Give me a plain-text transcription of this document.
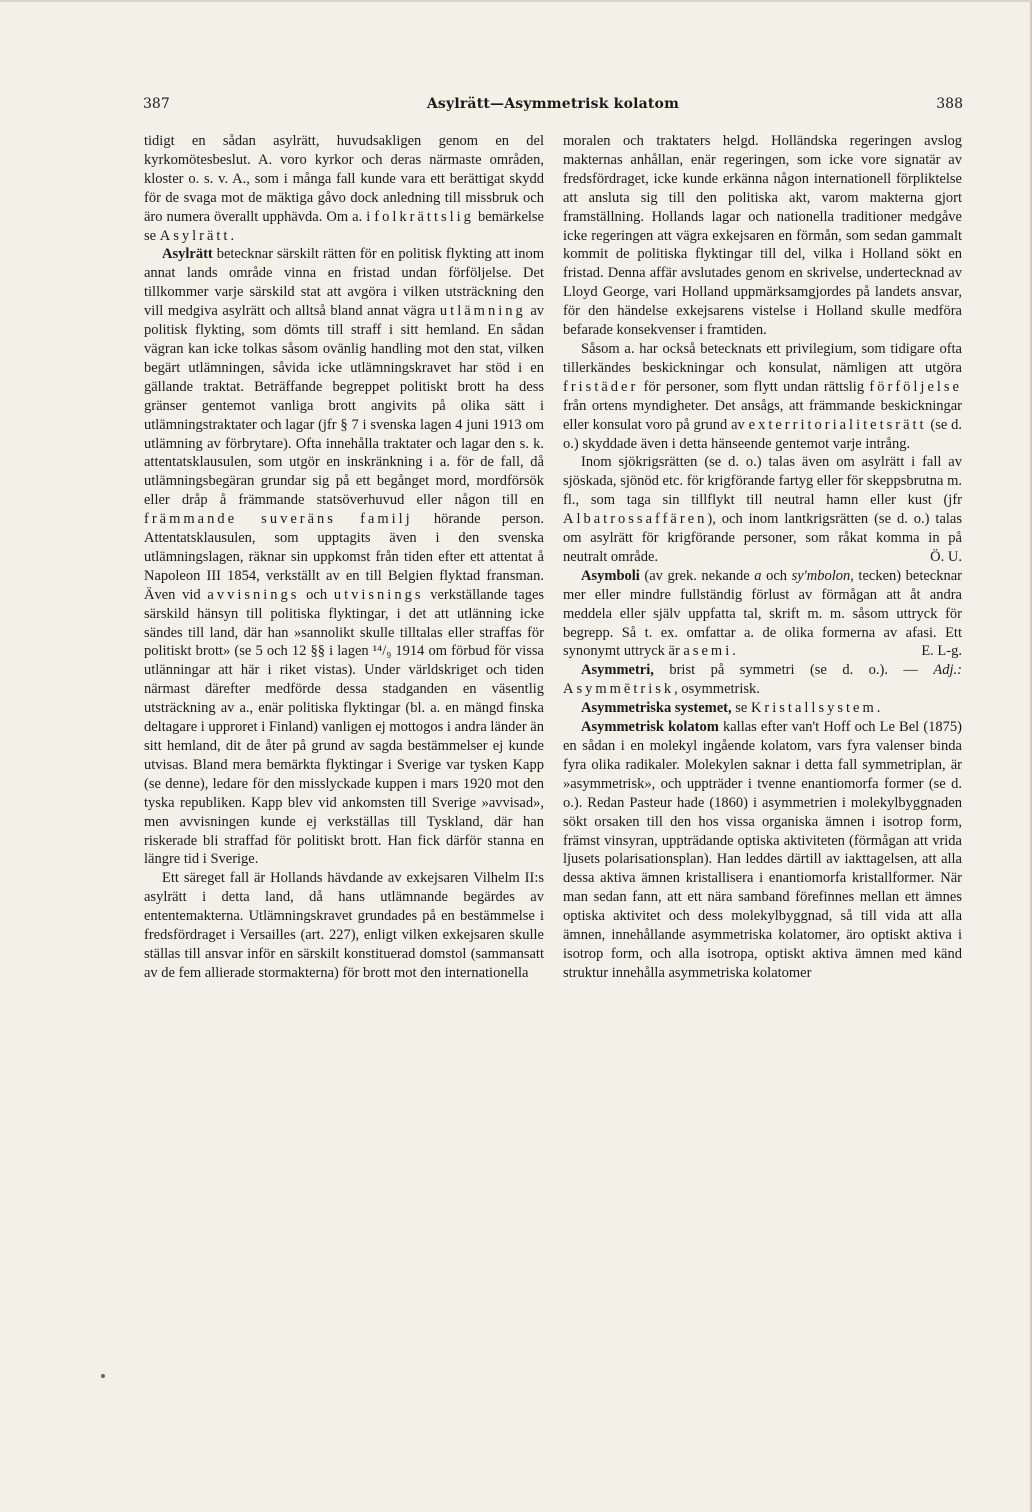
387	Asylrätt—Asymmetrisk kolatom	388

tidigt en sådan asylrätt, huvudsakligen genom en del kyrkomötesbeslut. A. voro kyrkor och deras närmaste områden, kloster o. s. v. A., som i många fall kunde vara ett berättigat skydd för de svaga mot de mäktiga gåvo dock anledning till missbruk och äro numera överallt upphävda. Om a. i folkrättslig bemärkelse se Asylrätt.

Asylrätt betecknar särskilt rätten för en politisk flykting att inom annat lands område vinna en fristad undan förföljelse. Det tillkommer varje särskild stat att avgöra i vilken utsträckning den vill medgiva asylrätt och alltså bland annat vägra utlämning av politisk flykting, som dömts till straff i sitt hemland. En sådan vägran kan icke tolkas såsom ovänlig handling mot den stat, vilken begärt utlämningen, såvida icke utlämningskravet har stöd i en gällande traktat. Beträffande begreppet politiskt brott ha dess gränser gentemot vanliga brott angivits på olika sätt i utlämningstraktater och lagar (jfr § 7 i svenska lagen 4 juni 1913 om utlämning av förbrytare). Ofta innehålla traktater och lagar den s. k. attentatsklausulen, som utgör en inskränkning i a. för de fall, då utlämningsbegäran grundar sig på ett begånget mord, mordförsök eller dråp å främmande statsöverhuvud eller någon till en främmande suveräns familj hörande person. Attentatsklausulen, som upptagits även i den svenska utlämningslagen, räknar sin uppkomst från tiden efter ett attentat å Napoleon III 1854, verkställt av en till Belgien flyktad fransman. Även vid avvisnings och utvisnings verkställande tages särskild hänsyn till politiska flyktingar, i det att utlänning icke sändes till land, där han »sannolikt skulle tilltalas eller straffas för politiskt brott» (se 5 och 12 §§ i lagen ¹⁴/₉ 1914 om förbud för vissa utlänningar att här i riket vistas). Under världskriget och tiden närmast därefter medförde dessa stadganden en väsentlig utsträckning av a., enär politiska flyktingar (bl. a. en mängd finska deltagare i upproret i Finland) vanligen ej mottogos i andra länder än sitt hemland, dit de åter på grund av sagda bestämmelser ej kunde utvisas. Bland mera bemärkta flyktingar i Sverige var tysken Kapp (se denne), ledare för den misslyckade kuppen i mars 1920 mot den tyska republiken. Kapp blev vid ankomsten till Sverige »avvisad», men avvisningen kunde ej verkställas till Tyskland, där han riskerade bli straffad för politiskt brott. Han fick därför stanna en längre tid i Sverige.

Ett säreget fall är Hollands hävdande av exkejsaren Vilhelm II:s asylrätt i detta land, då hans utlämnande begärdes av ententemakterna. Utlämningskravet grundades på en bestämmelse i fredsfördraget i Versailles (art. 227), enligt vilken exkejsaren skulle ställas till ansvar inför en särskilt konstituerad domstol (sammansatt av de fem allierade stormakterna) för brott mot den internationella

moralen och traktaters helgd. Holländska regeringen avslog makternas anhållan, enär regeringen, som icke vore signatär av fredsfördraget, icke kunde erkänna någon internationell förpliktelse att ansluta sig till den politiska akt, varom makterna gjort framställning. Hollands lagar och nationella traditioner medgåve icke regeringen att vägra exkejsaren en förmån, som sedan gammalt kommit de politiska flyktingar till del, vilka i Holland sökt en fristad. Denna affär avslutades genom en skrivelse, undertecknad av Lloyd George, vari Holland uppmärksamgjordes på landets ansvar, för den händelse exkejsarens vistelse i Holland skulle medföra befarade konsekvenser i framtiden.

Såsom a. har också betecknats ett privilegium, som tidigare ofta tillerkändes beskickningar och konsulat, nämligen att utgöra fristäder för personer, som flytt undan rättslig förföljelse från ortens myndigheter. Det ansågs, att främmande beskickningar eller konsulat voro på grund av exterritorialitetsrätt (se d. o.) skyddade även i detta hänseende gentemot varje intrång.

Inom sjökrigsrätten (se d. o.) talas även om asylrätt i fall av sjöskada, sjönöd etc. för krigförande fartyg eller för skeppsbrutna m. fl., som taga sin tillflykt till neutral hamn eller kust (jfr Albatrossaffären), och inom lantkrigsrätten (se d. o.) talas om asylrätt för krigförande personer, som råkat komma in på neutralt område.	Ö. U.

Asymboli (av grek. nekande a och sy'mbolon, tecken) betecknar mer eller mindre fullständig förlust av förmågan att åt andra meddela eller själv uppfatta tal, skrift m. m. såsom uttryck för begrepp. Så t. ex. omfattar a. de olika formerna av afasi. Ett synonymt uttryck är asemi.	E. L-g.

Asymmetri, brist på symmetri (se d. o.). — Adj.: Asymmētrisk, osymmetrisk.

Asymmetriska systemet, se Kristallsystem.

Asymmetrisk kolatom kallas efter van't Hoff och Le Bel (1875) en sådan i en molekyl ingående kolatom, vars fyra valenser binda fyra olika radikaler. Molekylen saknar i detta fall symmetriplan, är »asymmetrisk», och uppträder i tvenne enantiomorfa former (se d. o.). Redan Pasteur hade (1860) i asymmetrien i molekylbyggnaden sökt orsaken till den hos vissa organiska ämnen i isotrop form, främst vinsyran, uppträdande optiska aktiviteten (förmågan att vrida ljusets polarisationsplan). Han leddes därtill av iakttagelsen, att alla dessa aktiva ämnen kristallisera i enantiomorfa kristallformer. När man sedan fann, att ett nära samband förefinnes mellan ett ämnes optiska aktivitet och dess molekylbyggnad, så till vida att alla ämnen, innehållande asymmetriska kolatomer, äro optiskt aktiva i isotrop form, och alla isotropa, optiskt aktiva ämnen med känd struktur innehålla asymmetriska kolatomer
